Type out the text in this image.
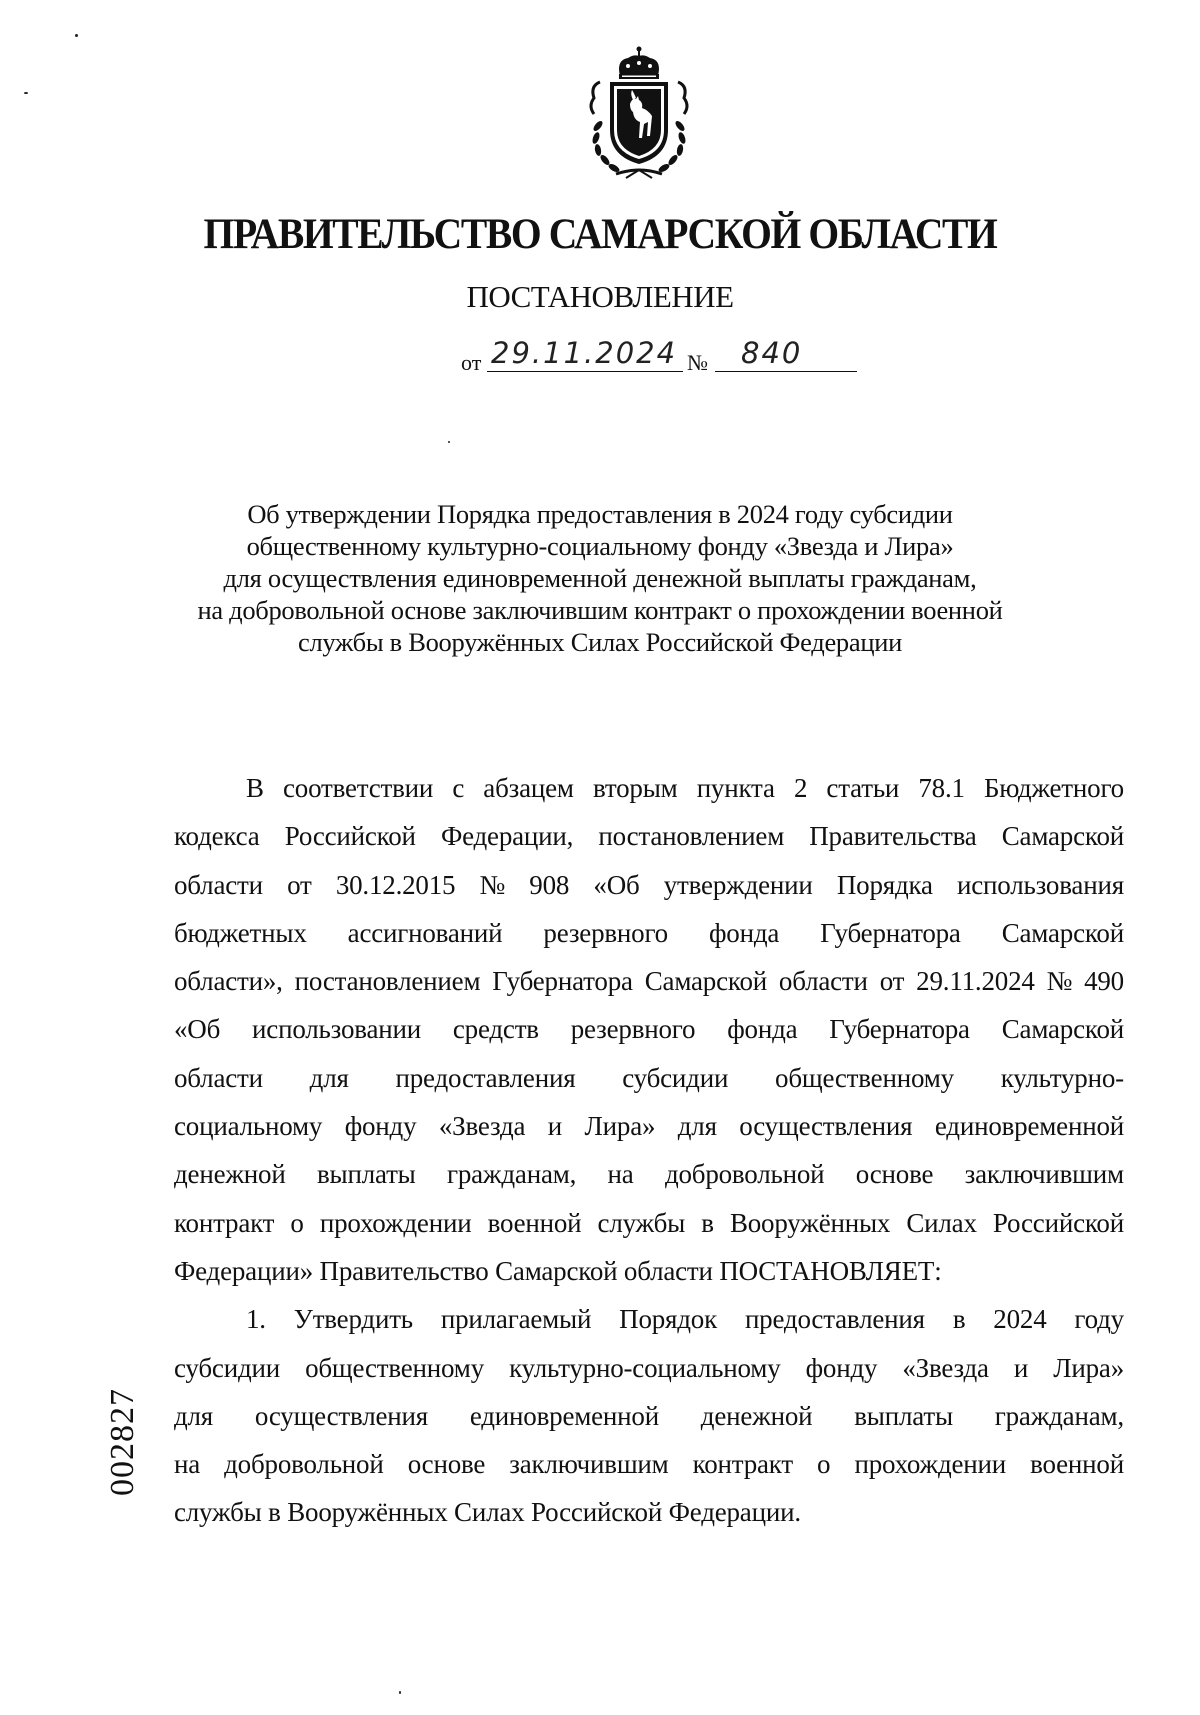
ПРАВИТЕЛЬСТВО САМАРСКОЙ ОБЛАСТИ
ПОСТАНОВЛЕНИЕ
от 29.11.2024 № 840
Об утверждении Порядка предоставления в 2024 году субсидии
общественному культурно-социальному фонду «Звезда и Лира»
для осуществления единовременной денежной выплаты гражданам,
на добровольной основе заключившим контракт о прохождении военной
службы в Вооружённых Силах Российской Федерации
В соответствии с абзацем вторым пункта 2 статьи 78.1 Бюджетного
кодекса Российской Федерации, постановлением Правительства Самарской
области от 30.12.2015 № 908 «Об утверждении Порядка использования
бюджетных ассигнований резервного фонда Губернатора Самарской
области», постановлением Губернатора Самарской области от 29.11.2024 № 490
«Об использовании средств резервного фонда Губернатора Самарской
области для предоставления субсидии общественному культурно-
социальному фонду «Звезда и Лира» для осуществления единовременной
денежной выплаты гражданам, на добровольной основе заключившим
контракт о прохождении военной службы в Вооружённых Силах Российской
Федерации» Правительство Самарской области ПОСТАНОВЛЯЕТ:
1. Утвердить прилагаемый Порядок предоставления в 2024 году
субсидии общественному культурно-социальному фонду «Звезда и Лира»
для осуществления единовременной денежной выплаты гражданам,
на добровольной основе заключившим контракт о прохождении военной
службы в Вооружённых Силах Российской Федерации.
002827
